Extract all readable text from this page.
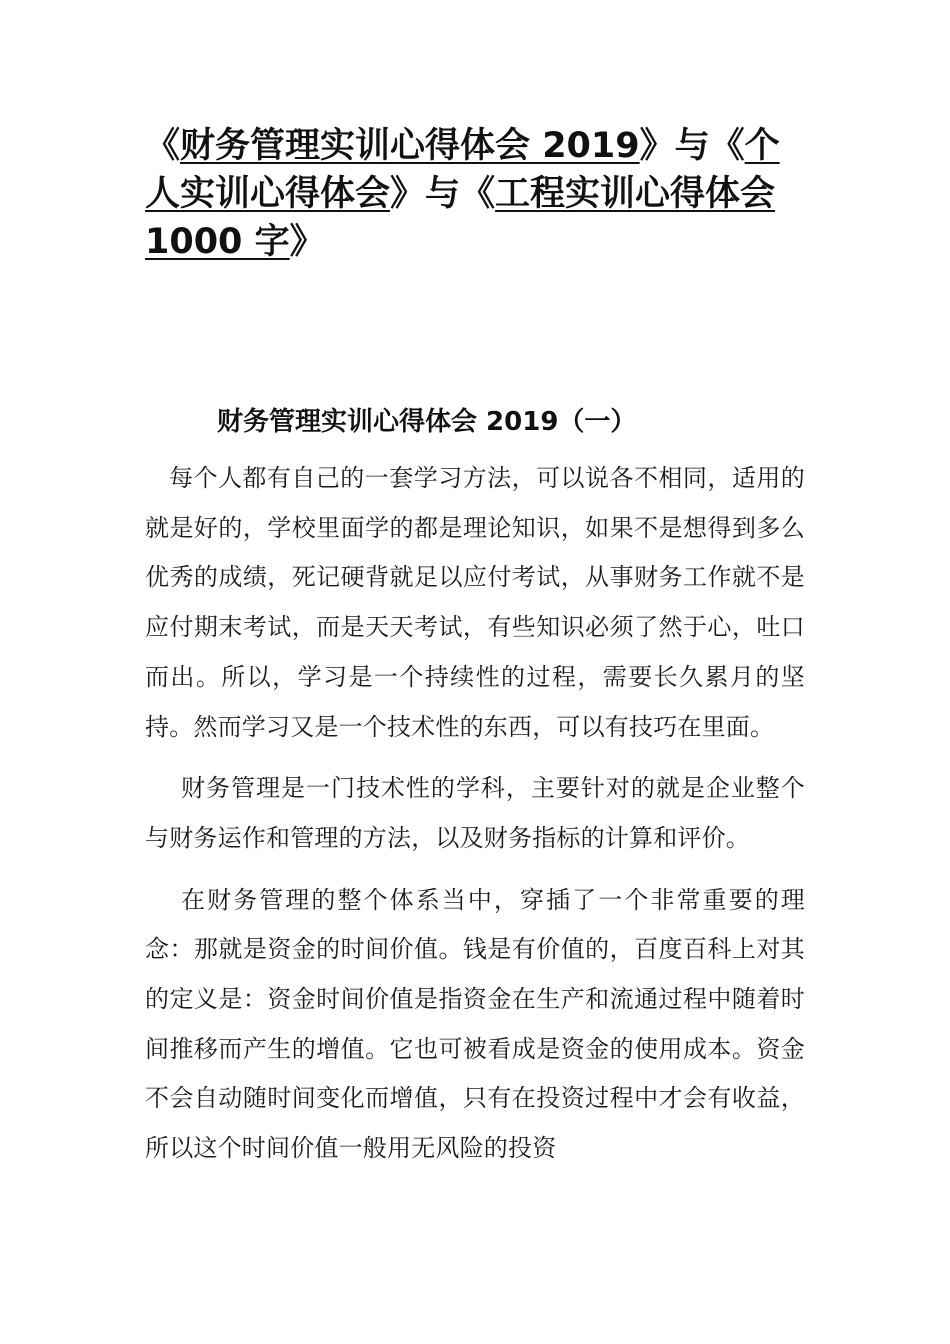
《财务管理实训心得体会 2019》与《个人实训心得体会》与《工程实训心得体会 1000 字》
财务管理实训心得体会 2019（一）

每个人都有自己的一套学习方法，可以说各不相同，适用的就是好的，学校里面学的都是理论知识，如果不是想得到多么优秀的成绩，死记硬背就足以应付考试，从事财务工作就不是应付期末考试，而是天天考试，有些知识必须了然于心，吐口而出。所以，学习是一个持续性的过程，需要长久累月的坚持。然而学习又是一个技术性的东西，可以有技巧在里面。

财务管理是一门技术性的学科，主要针对的就是企业整个与财务运作和管理的方法，以及财务指标的计算和评价。

在财务管理的整个体系当中，穿插了一个非常重要的理念：那就是资金的时间价值。钱是有价值的，百度百科上对其的定义是：资金时间价值是指资金在生产和流通过程中随着时间推移而产生的增值。它也可被看成是资金的使用成本。资金不会自动随时间变化而增值，只有在投资过程中才会有收益，所以这个时间价值一般用无风险的投资
